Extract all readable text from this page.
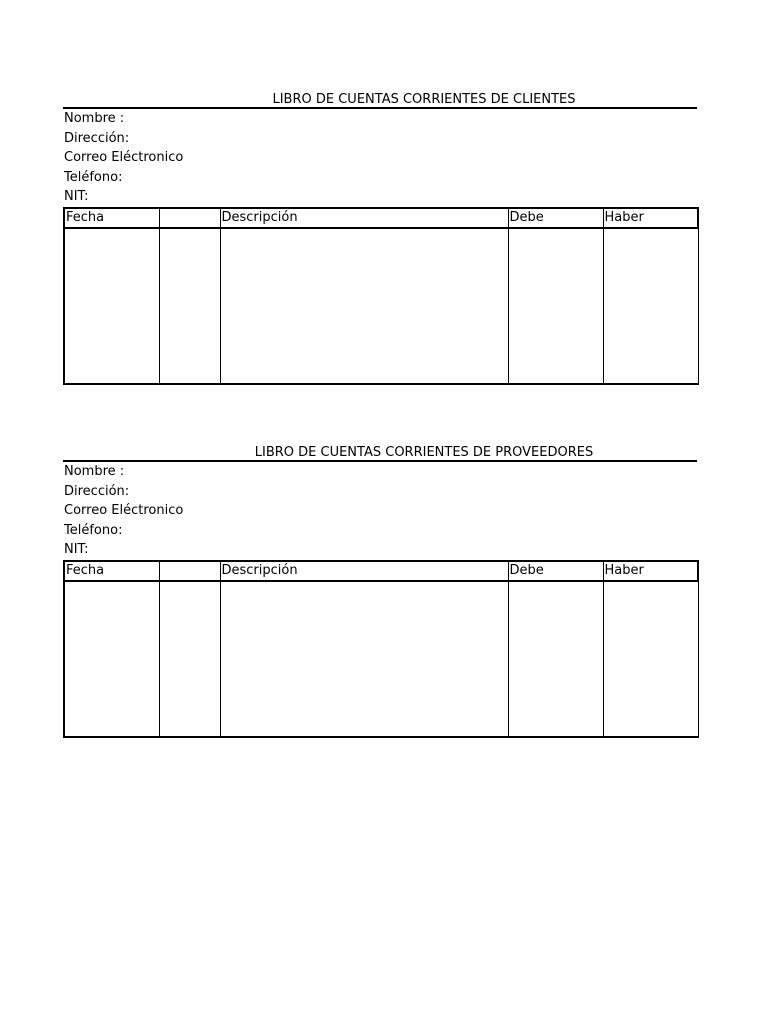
LIBRO DE CUENTAS CORRIENTES DE CLIENTES
Nombre :
Dirección:
Correo Eléctronico
Teléfono:
NIT:
Fecha		Descripción	Debe	Haber

LIBRO DE CUENTAS CORRIENTES DE PROVEEDORES
Nombre :
Dirección:
Correo Eléctronico
Teléfono:
NIT:
Fecha		Descripción	Debe	Haber
